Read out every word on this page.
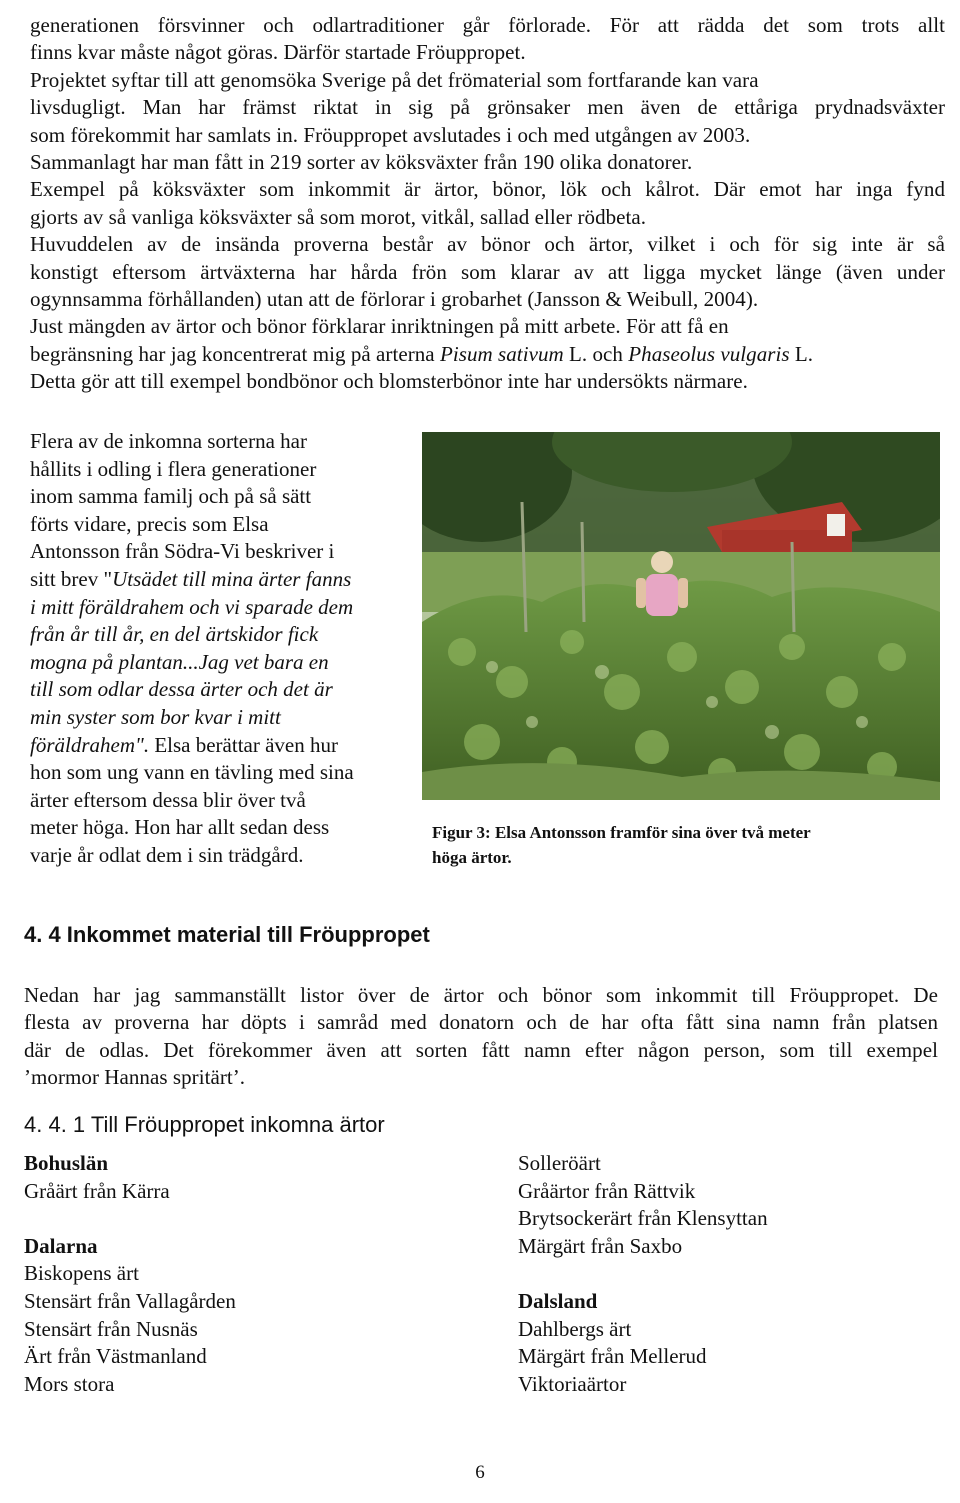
generationen försvinner och odlartraditioner går förlorade. För att rädda det som trots allt
finns kvar måste något göras. Därför startade Fröuppropet.
Projektet syftar till att genomsöka Sverige på det frömaterial som fortfarande kan vara
livsdugligt. Man har främst riktat in sig på grönsaker men även de ettåriga prydnadsväxter
som förekommit har samlats in. Fröuppropet avslutades i och med utgången av 2003.
Sammanlagt har man fått in 219 sorter av köksväxter från 190 olika donatorer.
Exempel på köksväxter som inkommit är ärtor, bönor, lök och kålrot. Där emot har inga fynd
gjorts av så vanliga köksväxter så som morot, vitkål, sallad eller rödbeta.
Huvuddelen av de insända proverna består av bönor och ärtor, vilket i och för sig inte är så
konstigt eftersom ärtväxterna har hårda frön som klarar av att ligga mycket länge (även under
ogynnsamma förhållanden) utan att de förlorar i grobarhet (Jansson & Weibull, 2004).
Just mängden av ärtor och bönor förklarar inriktningen på mitt arbete. För att få en
begränsning har jag koncentrerat mig på arterna Pisum sativum L. och Phaseolus vulgaris L.
Detta gör att till exempel bondbönor och blomsterbönor inte har undersökts närmare.
Flera av de inkomna sorterna har
hållits i odling i flera generationer
inom samma familj och på så sätt
förts vidare, precis som Elsa
Antonsson från Södra-Vi beskriver i
sitt brev "Utsädet till mina ärter fanns
i mitt föräldrahem och vi sparade dem
från år till år, en del ärtskidor fick
mogna på plantan...Jag vet bara en
till som odlar dessa ärter och det är
min syster som bor kvar i mitt
föräldrahem". Elsa berättar även hur
hon som ung vann en tävling med sina
ärter eftersom dessa blir över två
meter höga. Hon har allt sedan dess
varje år odlat dem i sin trädgård.
Figur 3: Elsa Antonsson framför sina över två meter
höga ärtor.
4. 4 Inkommet material till Fröuppropet
Nedan har jag sammanställt listor över de ärtor och bönor som inkommit till Fröuppropet. De
flesta av proverna har döpts i samråd med donatorn och de har ofta fått sina namn från platsen
där de odlas. Det förekommer även att sorten fått namn efter någon person, som till exempel
’mormor Hannas spritärt’.
4. 4. 1 Till Fröuppropet inkomna ärtor
Bohuslän
Gråärt från Kärra
Dalarna
Biskopens ärt
Stensärt från Vallagården
Stensärt från Nusnäs
Ärt från Västmanland
Mors stora
Solleröärt
Gråärtor från Rättvik
Brytsockerärt från Klensyttan
Märgärt från Saxbo
Dalsland
Dahlbergs ärt
Märgärt från Mellerud
Viktoriaärtor
6
